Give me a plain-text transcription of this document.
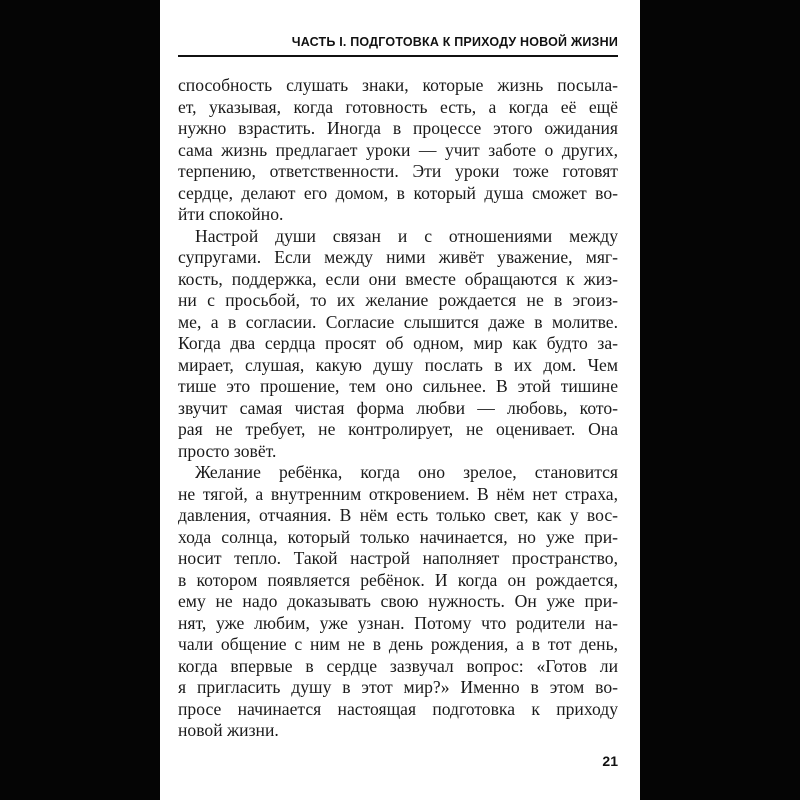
ЧАСТЬ I. ПОДГОТОВКА К ПРИХОДУ НОВОЙ ЖИЗНИ
способность слушать знаки, которые жизнь посыла-
ет, указывая, когда готовность есть, а когда её ещё
нужно взрастить. Иногда в процессе этого ожидания
сама жизнь предлагает уроки — учит заботе о других,
терпению, ответственности. Эти уроки тоже готовят
сердце, делают его домом, в который душа сможет во-
йти спокойно.
Настрой души связан и с отношениями между
супругами. Если между ними живёт уважение, мяг-
кость, поддержка, если они вместе обращаются к жиз-
ни с просьбой, то их желание рождается не в эгоиз-
ме, а в согласии. Согласие слышится даже в молитве.
Когда два сердца просят об одном, мир как будто за-
мирает, слушая, какую душу послать в их дом. Чем
тише это прошение, тем оно сильнее. В этой тишине
звучит самая чистая форма любви — любовь, кото-
рая не требует, не контролирует, не оценивает. Она
просто зовёт.
Желание ребёнка, когда оно зрелое, становится
не тягой, а внутренним откровением. В нём нет страха,
давления, отчаяния. В нём есть только свет, как у вос-
хода солнца, который только начинается, но уже при-
носит тепло. Такой настрой наполняет пространство,
в котором появляется ребёнок. И когда он рождается,
ему не надо доказывать свою нужность. Он уже при-
нят, уже любим, уже узнан. Потому что родители на-
чали общение с ним не в день рождения, а в тот день,
когда впервые в сердце зазвучал вопрос: «Готов ли
я пригласить душу в этот мир?» Именно в этом во-
просе начинается настоящая подготовка к приходу
новой жизни.
21
